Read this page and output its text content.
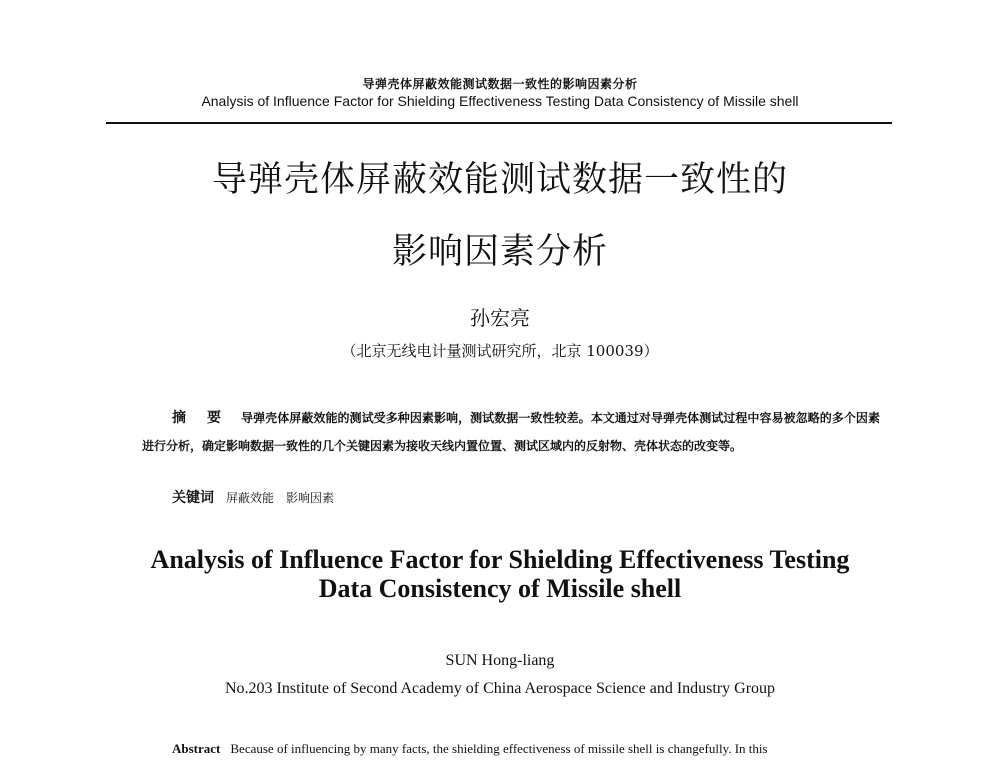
导弹壳体屏蔽效能测试数据一致性的影响因素分析
Analysis of Influence Factor for Shielding Effectiveness Testing Data Consistency of Missile shell
导弹壳体屏蔽效能测试数据一致性的
影响因素分析
孙宏亮
（北京无线电计量测试研究所，北京 100039）
摘 要 导弹壳体屏蔽效能的测试受多种因素影响，测试数据一致性较差。本文通过对导弹壳体测试过程中容易被忽略的多个因素进行分析，确定影响数据一致性的几个关键因素为接收天线内置位置、测试区域内的反射物、壳体状态的改变等。
关键词 屏蔽效能　影响因素
Analysis of Influence Factor for Shielding Effectiveness Testing
Data Consistency of Missile shell
SUN Hong-liang
No.203 Institute of Second Academy of China Aerospace Science and Industry Group
Abstract Because of influencing by many facts, the shielding effectiveness of missile shell is changefully. In this
